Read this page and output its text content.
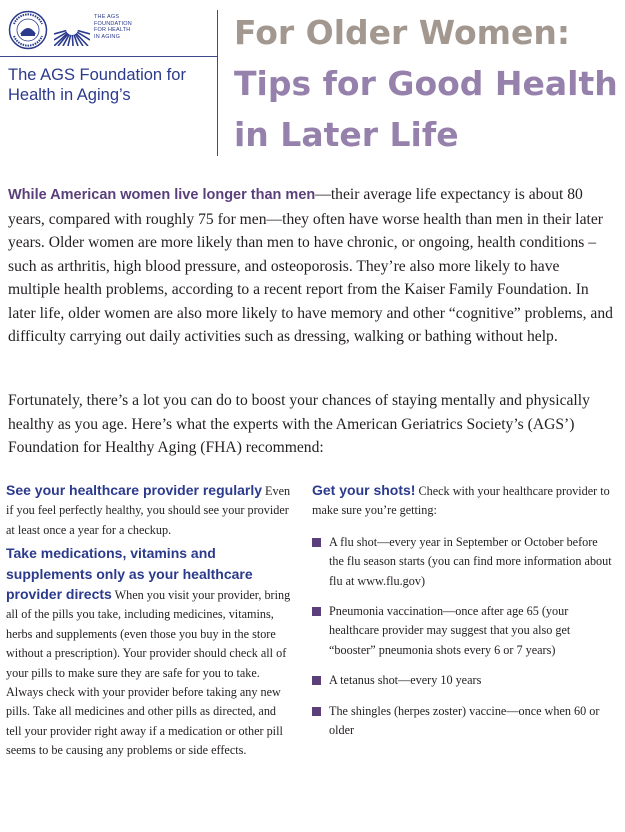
THE AGS
FOUNDATION
FOR HEALTH
IN AGING
The AGS Foundation for Health in Aging’s
For Older Women:
Tips for Good Health
in Later Life
While American women live longer than men—their average life expectancy is about 80 years, compared with roughly 75 for men—they often have worse health than men in their later years. Older women are more likely than men to have chronic, or ongoing, health conditions – such as arthritis, high blood pressure, and osteoporosis. They’re also more likely to have multiple health problems, according to a recent report from the Kaiser Family Foundation. In later life, older women are also more likely to have memory and other “cognitive” problems, and difficulty carrying out daily activities such as dressing, walking or bathing without help.
Fortunately, there’s a lot you can do to boost your chances of staying mentally and physically healthy as you age. Here’s what the experts with the American Geriatrics Society’s (AGS’) Foundation for Healthy Aging (FHA) recommend:

See your healthcare provider regularly Even if you feel perfectly healthy, you should see your provider at least once a year for a checkup.

Take medications, vitamins and supplements only as your healthcare provider directs When you visit your provider, bring all of the pills you take, including medicines, vitamins, herbs and supplements (even those you buy in the store without a prescription). Your provider should check all of your pills to make sure they are safe for you to take. Always check with your provider before taking any new pills. Take all medicines and other pills as directed, and tell your provider right away if a medication or other pill seems to be causing any problems or side effects.

Get your shots! Check with your healthcare provider to make sure you’re getting:

A flu shot—every year in September or October before the flu season starts (you can find more information about flu at www.flu.gov)
Pneumonia vaccination—once after age 65 (your healthcare provider may suggest that you also get “booster” pneumonia shots every 6 or 7 years)
A tetanus shot—every 10 years
The shingles (herpes zoster) vaccine—once when 60 or older
